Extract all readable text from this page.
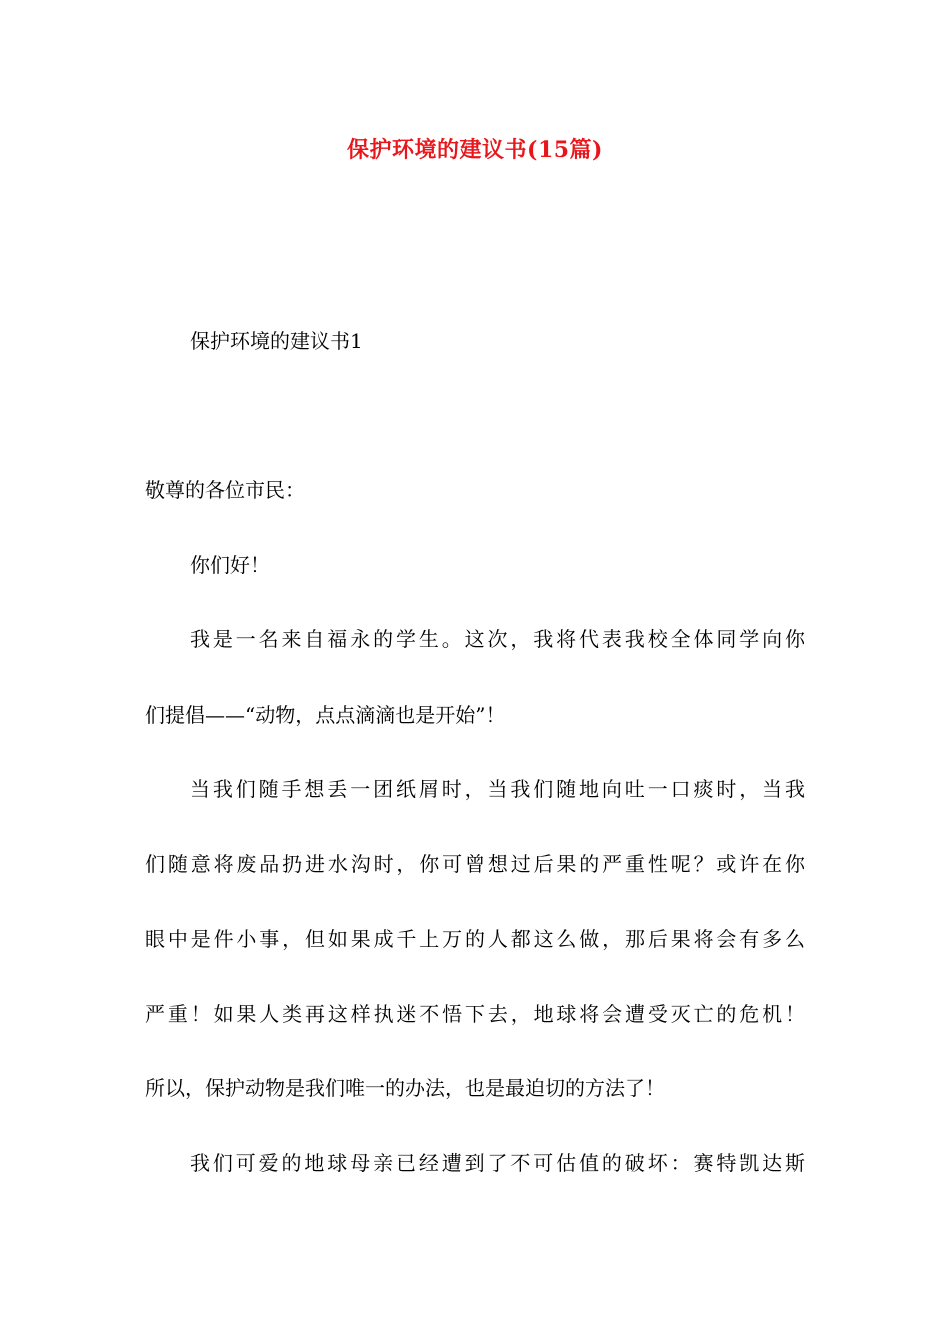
保护环境的建议书(15篇)
保护环境的建议书1
敬尊的各位市民：
你们好！
我是一名来自福永的学生。这次，我将代表我校全体同学向你
们提倡——“动物，点点滴滴也是开始”！
当我们随手想丢一团纸屑时，当我们随地向吐一口痰时，当我
们随意将废品扔进水沟时，你可曾想过后果的严重性呢？或许在你
眼中是件小事，但如果成千上万的人都这么做，那后果将会有多么
严重！如果人类再这样执迷不悟下去，地球将会遭受灭亡的危机！
所以，保护动物是我们唯一的办法，也是最迫切的方法了！
我们可爱的地球母亲已经遭到了不可估值的破坏：赛特凯达斯
